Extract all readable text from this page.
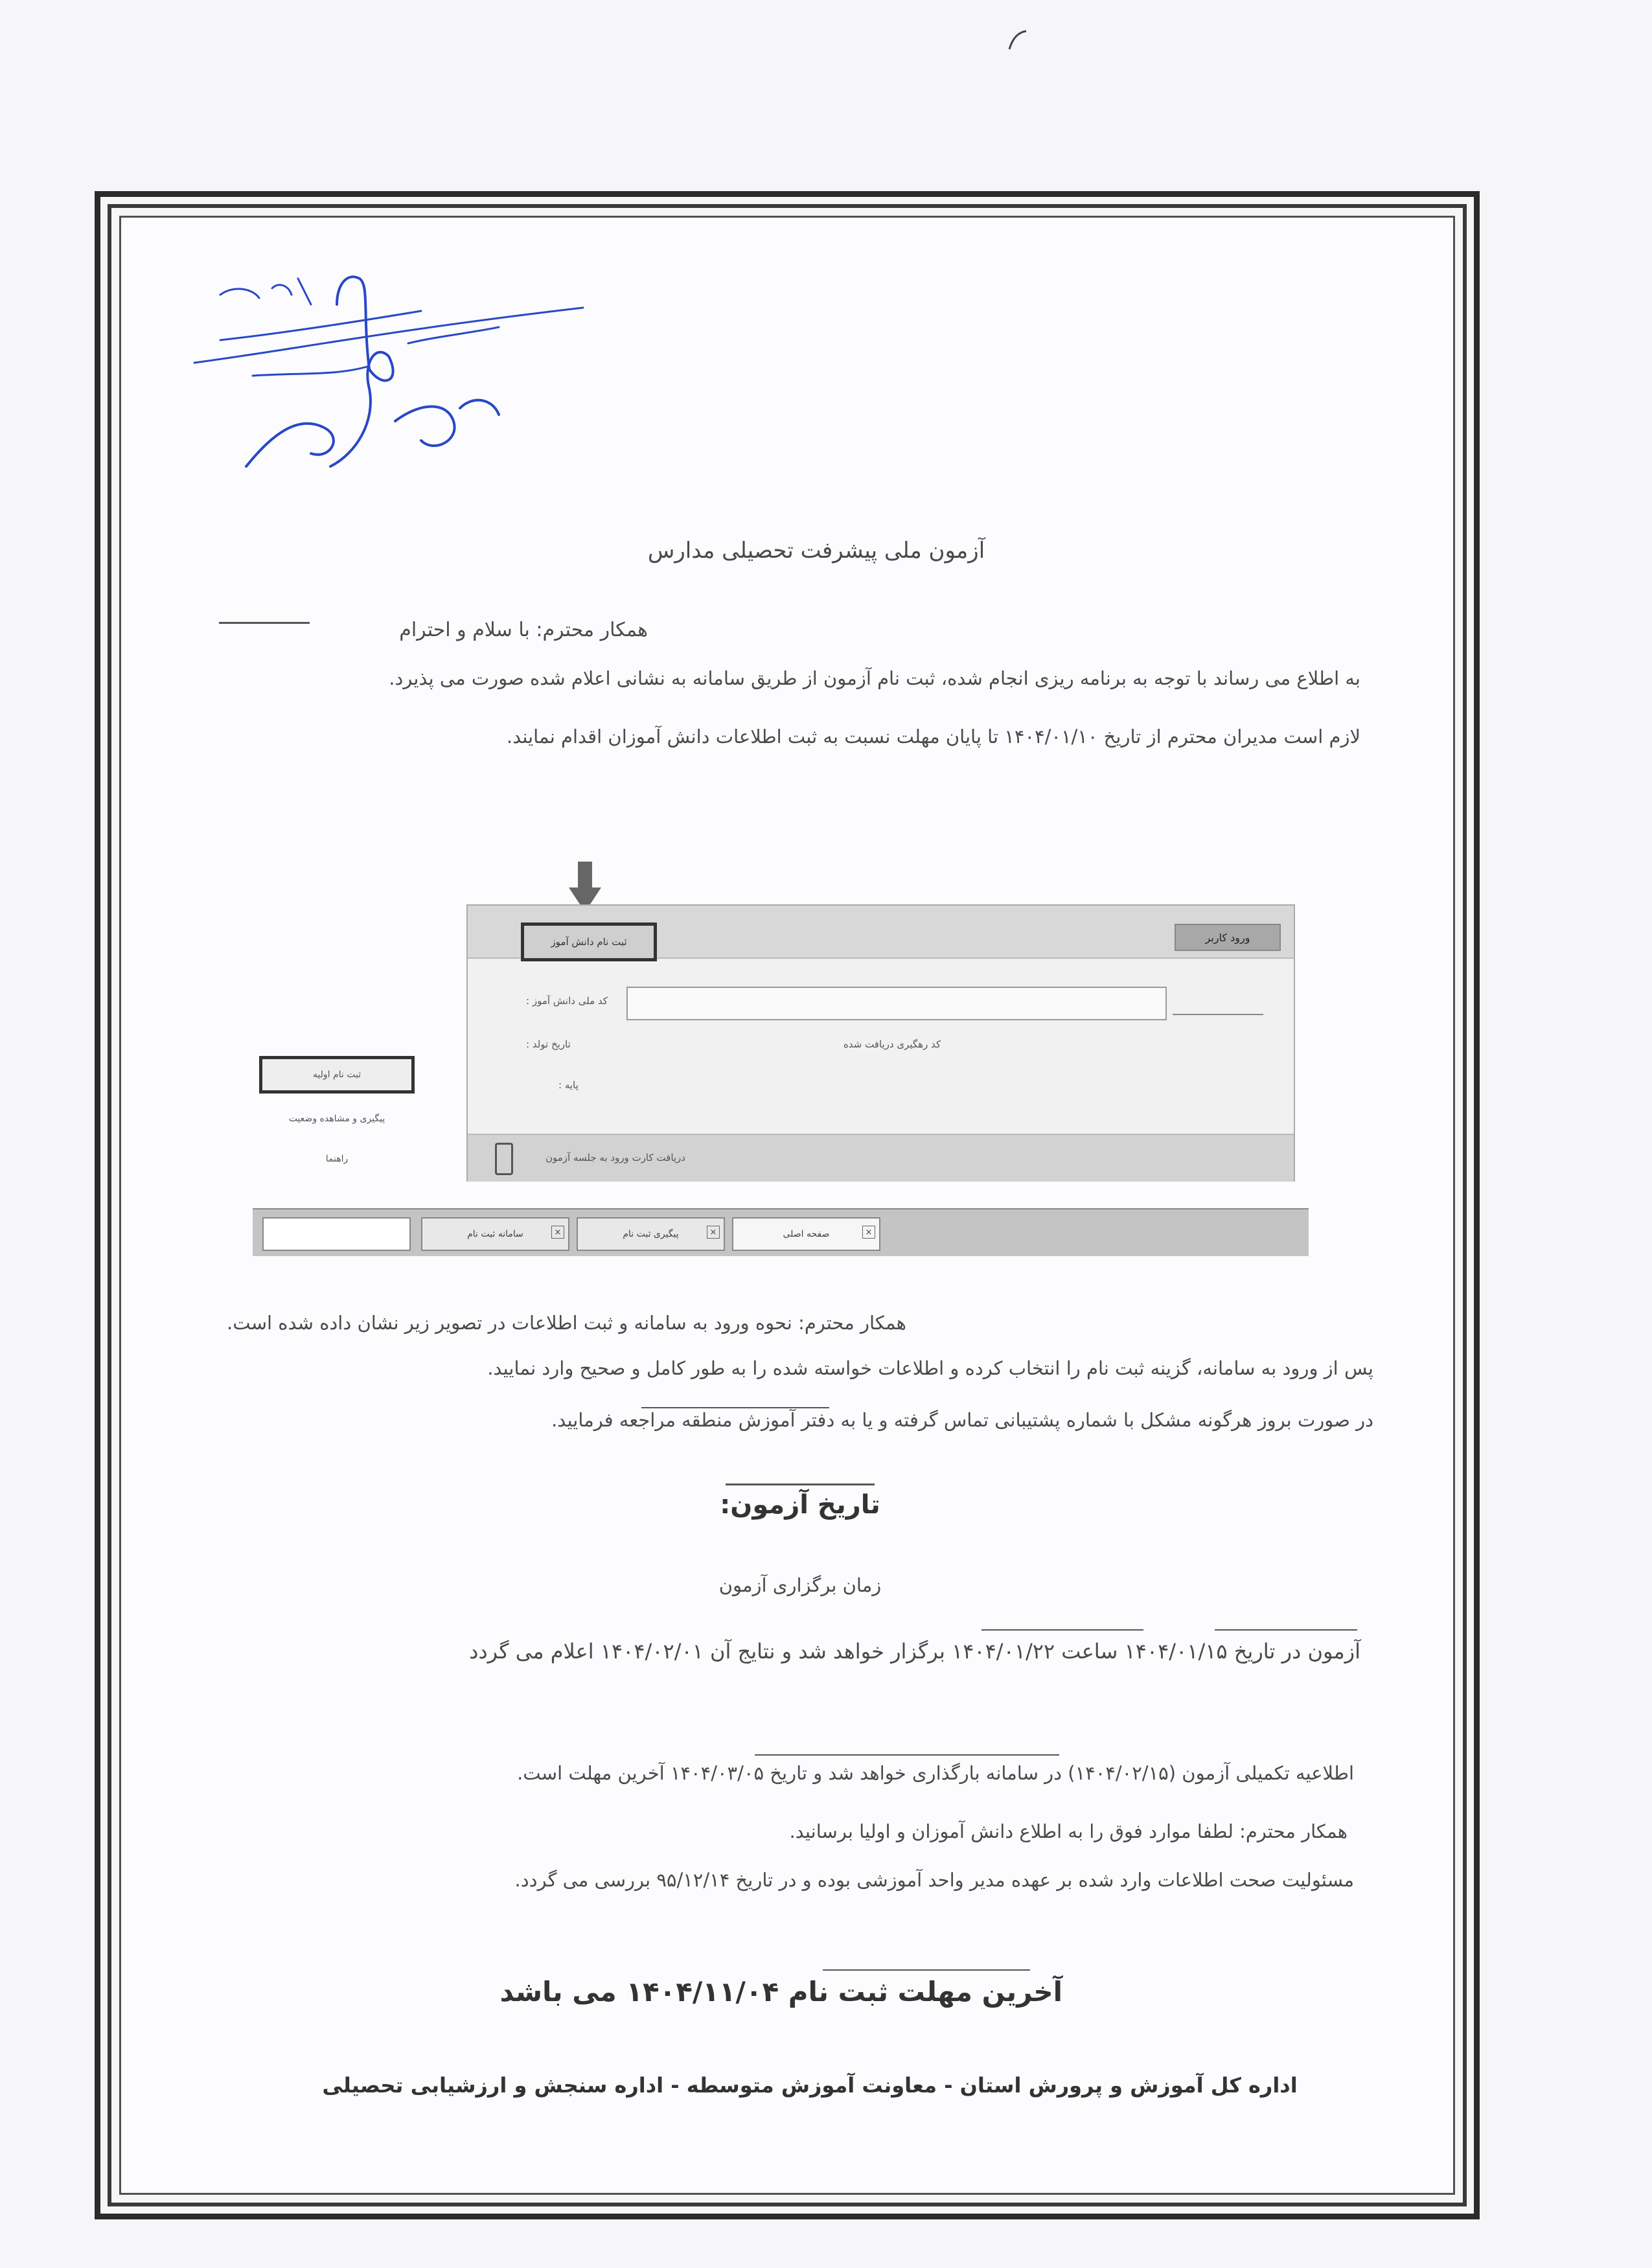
آزمون ملی پیشرفت تحصیلی مدارس
همکار محترم: با سلام و احترام
به اطلاع می رساند با توجه به برنامه ریزی انجام شده، ثبت نام آزمون از طریق سامانه به نشانی اعلام شده صورت می پذیرد.
لازم است مدیران محترم از تاریخ ۱۴۰۴/۰۱/۱۰ تا پایان مهلت نسبت به ثبت اطلاعات دانش آموزان اقدام نمایند.
ثبت نام دانش آموز	ورود کاربر
کد ملی دانش آموز :
تاریخ تولد :	کد رهگیری دریافت شده
پایه :
دریافت کارت ورود به جلسه آزمون
ثبت نام اولیه
پیگیری و مشاهده وضعیت
راهنما
سامانه ثبت نام	×	پیگیری ثبت نام	×	صفحه اصلی	×
همکار محترم: نحوه ورود به سامانه و ثبت اطلاعات در تصویر زیر نشان داده شده است.
پس از ورود به سامانه، گزینه ثبت نام را انتخاب کرده و اطلاعات خواسته شده را به طور کامل و صحیح وارد نمایید.
در صورت بروز هرگونه مشکل با شماره پشتیبانی تماس گرفته و یا به دفتر آموزش منطقه مراجعه فرمایید.
تاریخ آزمون:
زمان برگزاری آزمون
آزمون در تاریخ ۱۴۰۴/۰۱/۱۵ ساعت ۱۴۰۴/۰۱/۲۲ برگزار خواهد شد و نتایج آن ۱۴۰۴/۰۲/۰۱ اعلام می گردد
اطلاعیه تکمیلی آزمون (۱۴۰۴/۰۲/۱۵) در سامانه بارگذاری خواهد شد و تاریخ ۱۴۰۴/۰۳/۰۵ آخرین مهلت است.
همکار محترم: لطفا موارد فوق را به اطلاع دانش آموزان و اولیا برسانید.
مسئولیت صحت اطلاعات وارد شده بر عهده مدیر واحد آموزشی بوده و در تاریخ ۹۵/۱۲/۱۴ بررسی می گردد.
آخرین مهلت ثبت نام ۱۴۰۴/۱۱/۰۴ می باشد
اداره کل آموزش و پرورش استان - معاونت آموزش متوسطه - اداره سنجش و ارزشیابی تحصیلی
